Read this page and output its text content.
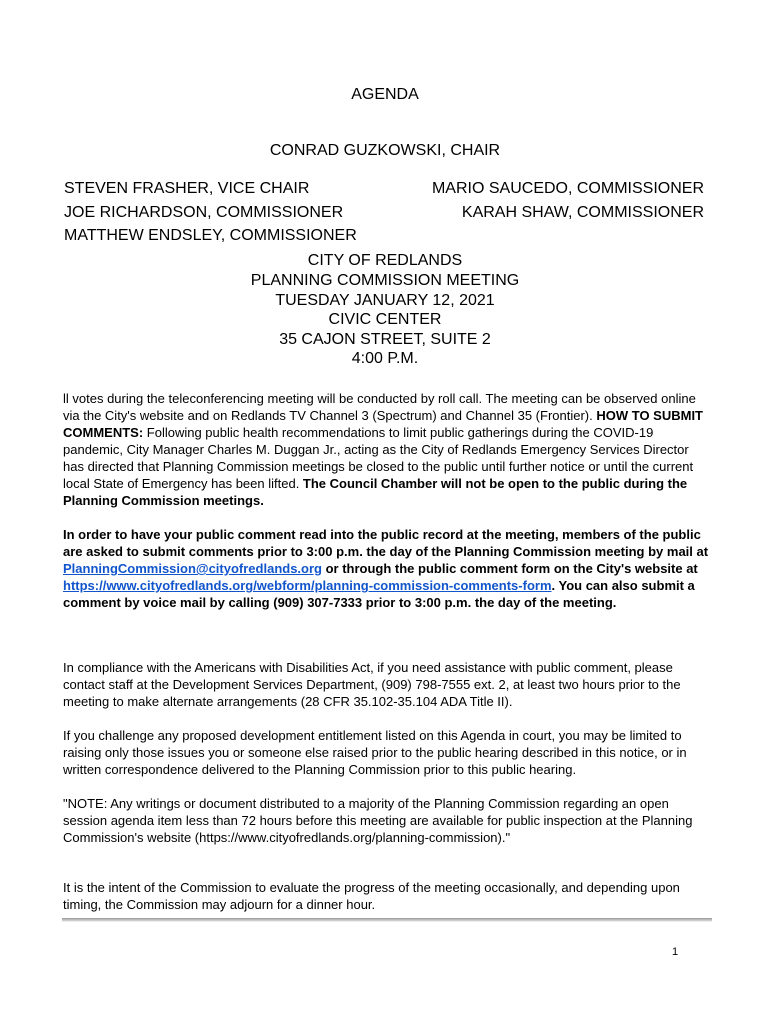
AGENDA
CONRAD GUZKOWSKI, CHAIR
STEVEN FRASHER, VICE CHAIR
JOE RICHARDSON, COMMISSIONER
MATTHEW ENDSLEY, COMMISSIONER
MARIO SAUCEDO, COMMISSIONER
KARAH SHAW, COMMISSIONER
CITY OF REDLANDS
PLANNING COMMISSION MEETING
TUESDAY JANUARY 12, 2021
CIVIC CENTER
35 CAJON STREET, SUITE 2
4:00 P.M.
ll votes during the teleconferencing meeting will be conducted by roll call. The meeting can be observed online via the City's website and on Redlands TV Channel 3 (Spectrum) and Channel 35 (Frontier). HOW TO SUBMIT COMMENTS: Following public health recommendations to limit public gatherings during the COVID-19 pandemic, City Manager Charles M. Duggan Jr., acting as the City of Redlands Emergency Services Director has directed that Planning Commission meetings be closed to the public until further notice or until the current local State of Emergency has been lifted. The Council Chamber will not be open to the public during the Planning Commission meetings.
In order to have your public comment read into the public record at the meeting, members of the public are asked to submit comments prior to 3:00 p.m. the day of the Planning Commission meeting by mail at PlanningCommission@cityofredlands.org or through the public comment form on the City's website at https://www.cityofredlands.org/webform/planning-commission-comments-form. You can also submit a comment by voice mail by calling (909) 307-7333 prior to 3:00 p.m. the day of the meeting.
In compliance with the Americans with Disabilities Act, if you need assistance with public comment, please contact staff at the Development Services Department, (909) 798-7555 ext. 2, at least two hours prior to the meeting to make alternate arrangements (28 CFR 35.102-35.104 ADA Title II).
If you challenge any proposed development entitlement listed on this Agenda in court, you may be limited to raising only those issues you or someone else raised prior to the public hearing described in this notice, or in written correspondence delivered to the Planning Commission prior to this public hearing.
"NOTE: Any writings or document distributed to a majority of the Planning Commission regarding an open session agenda item less than 72 hours before this meeting are available for public inspection at the Planning Commission's website (https://www.cityofredlands.org/planning-commission)."
It is the intent of the Commission to evaluate the progress of the meeting occasionally, and depending upon timing, the Commission may adjourn for a dinner hour.
1
